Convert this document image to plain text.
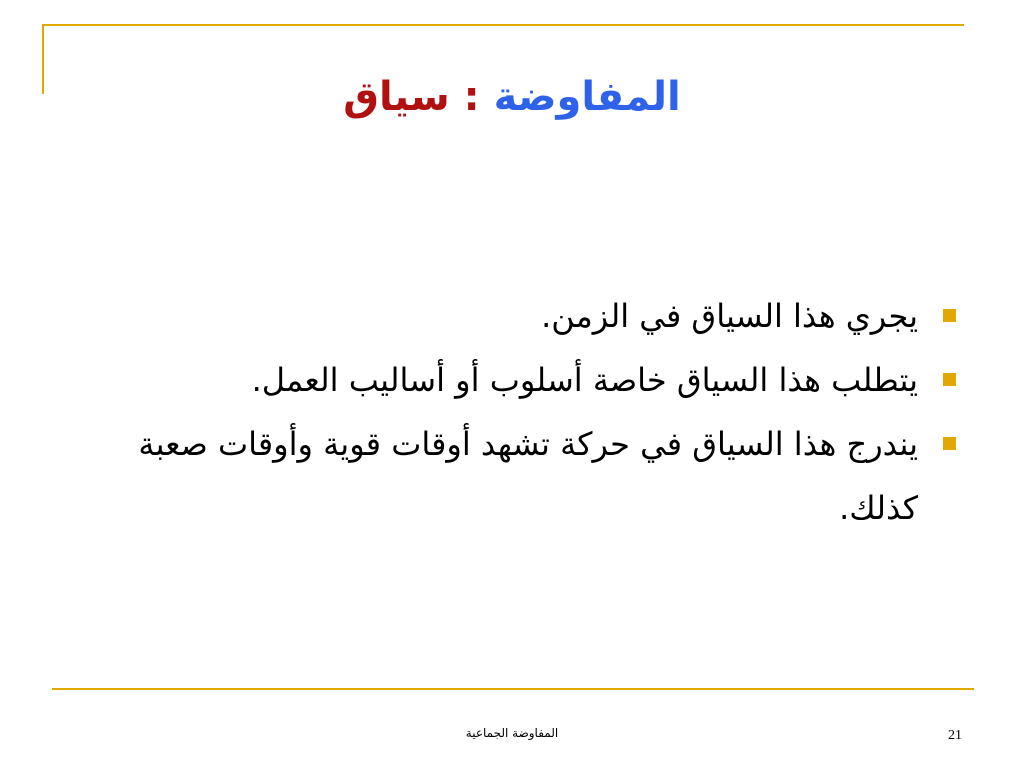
المفاوضة : سياق
يجري هذا السياق في الزمن.
يتطلب هذا السياق خاصة أسلوب أو أساليب العمل.
يندرج هذا السياق في حركة تشهد أوقات قوية وأوقات صعبة كذلك.
المفاوضة الجماعية	21
